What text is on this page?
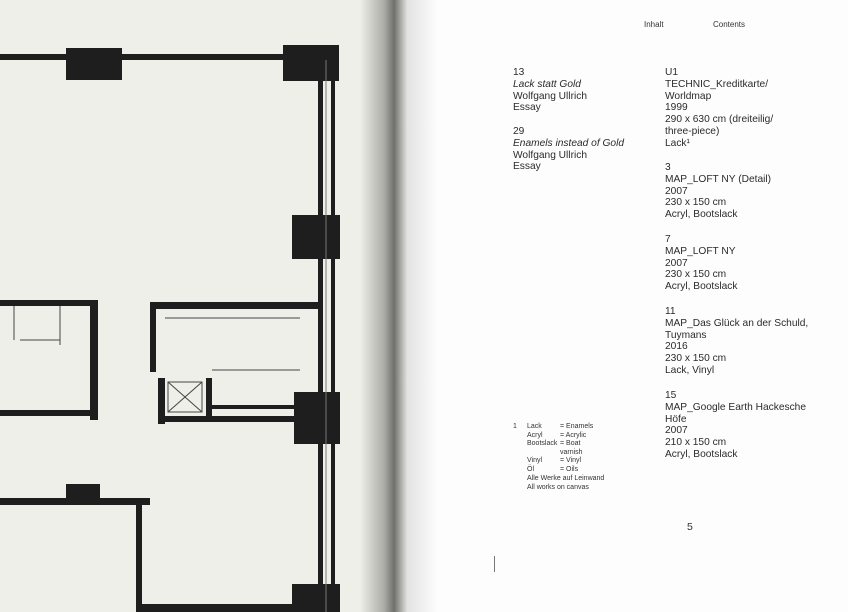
Inhalt	Contents
13
Lack statt Gold
Wolfgang Ullrich
Essay
29
Enamels instead of Gold
Wolfgang Ullrich
Essay
U1
TECHNIC_Kreditkarte/
Worldmap
1999
290 x 630 cm (dreiteilig/
three-piece)
Lack¹
3
MAP_LOFT NY (Detail)
2007
230 x 150 cm
Acryl, Bootslack
7
MAP_LOFT NY
2007
230 x 150 cm
Acryl, Bootslack
11
MAP_Das Glück an der Schuld,
Tuymans
2016
230 x 150 cm
Lack, Vinyl
15
MAP_Google Earth Hackesche
Höfe
2007
210 x 150 cm
Acryl, Bootslack
1	Lack	= Enamels
Acryl	= Acrylic
Bootslack = Boat varnish
Vinyl	= Vinyl
Öl	= Oils
Alle Werke auf Leinwand
All works on canvas
5
